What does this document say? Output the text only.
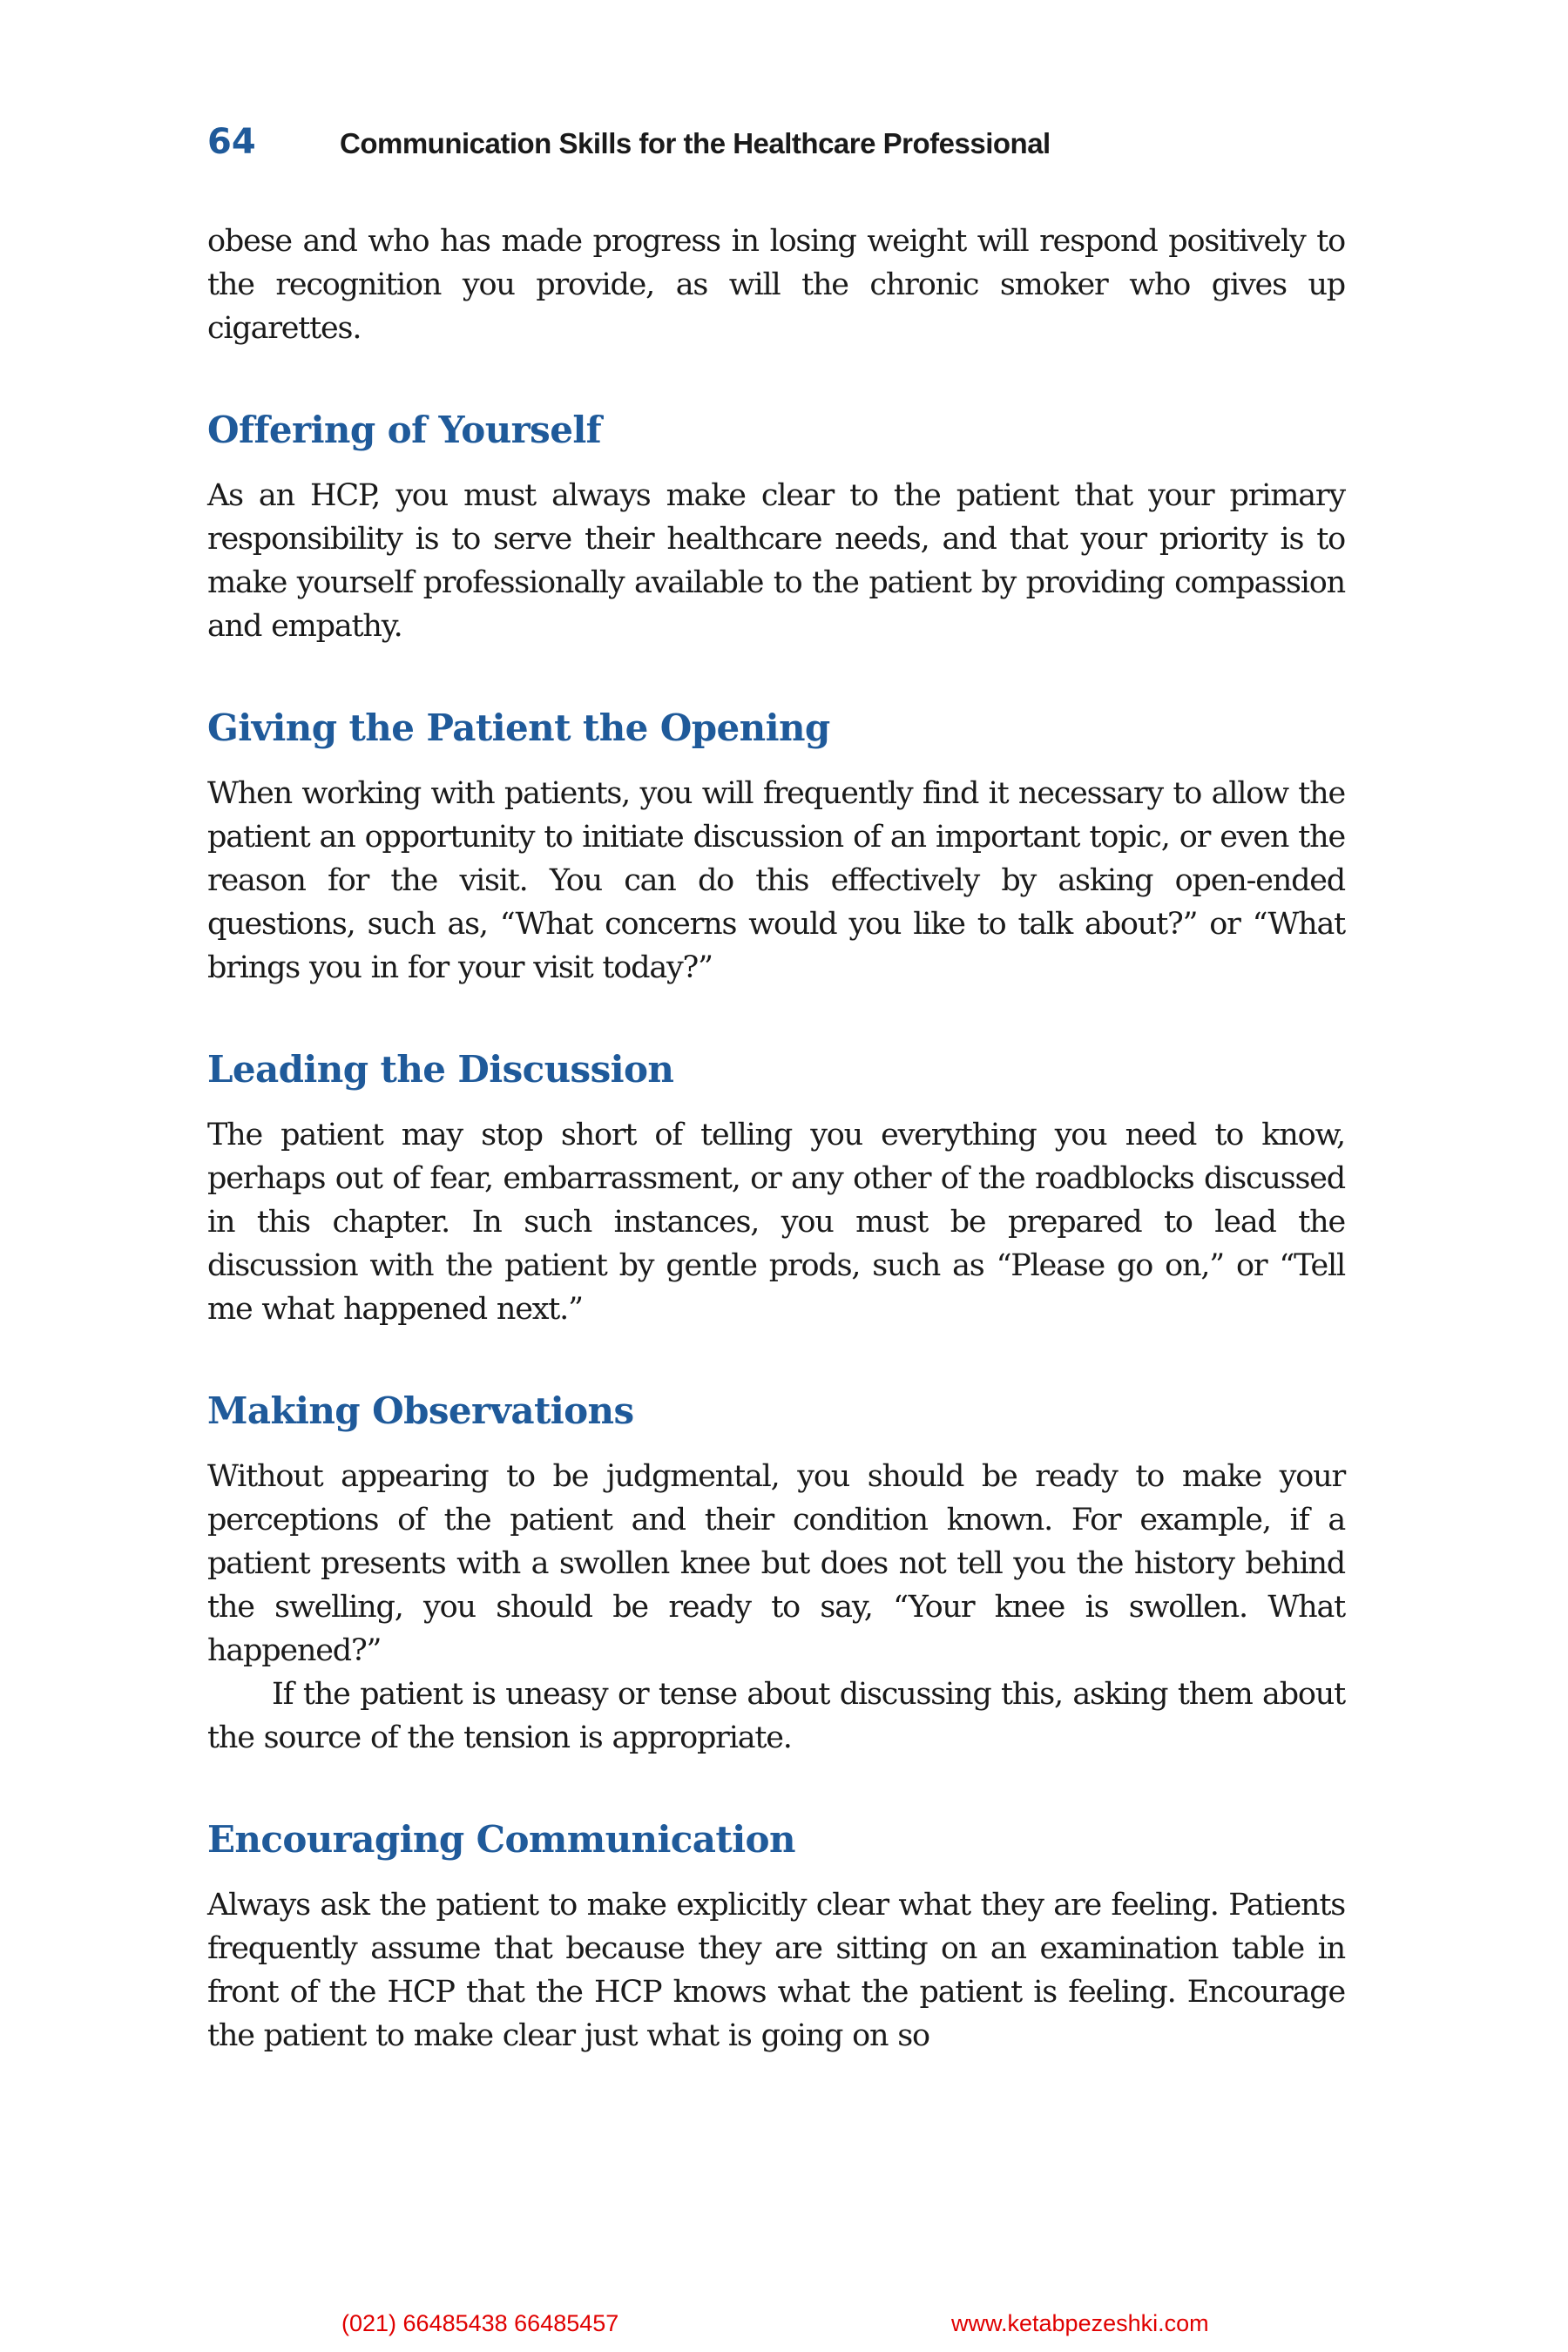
64	Communication Skills for the Healthcare Professional

obese and who has made progress in losing weight will respond positively to the recognition you provide, as will the chronic smoker who gives up cigarettes.

Offering of Yourself

As an HCP, you must always make clear to the patient that your primary responsibility is to serve their healthcare needs, and that your priority is to make yourself professionally available to the patient by providing compassion and empathy.

Giving the Patient the Opening

When working with patients, you will frequently find it necessary to allow the patient an opportunity to initiate discussion of an important topic, or even the reason for the visit. You can do this effectively by asking open-ended questions, such as, “What concerns would you like to talk about?” or “What brings you in for your visit today?”

Leading the Discussion

The patient may stop short of telling you everything you need to know, perhaps out of fear, embarrassment, or any other of the roadblocks discussed in this chapter. In such instances, you must be prepared to lead the discussion with the patient by gentle prods, such as “Please go on,” or “Tell me what happened next.”

Making Observations

Without appearing to be judgmental, you should be ready to make your perceptions of the patient and their condition known. For example, if a patient presents with a swollen knee but does not tell you the history behind the swelling, you should be ready to say, “Your knee is swollen. What happened?”

If the patient is uneasy or tense about discussing this, asking them about the source of the tension is appropriate.

Encouraging Communication

Always ask the patient to make explicitly clear what they are feeling. Patients frequently assume that because they are sitting on an examination table in front of the HCP that the HCP knows what the patient is feeling. Encourage the patient to make clear just what is going on so

(021) 66485438 66485457	www.ketabpezeshki.com
